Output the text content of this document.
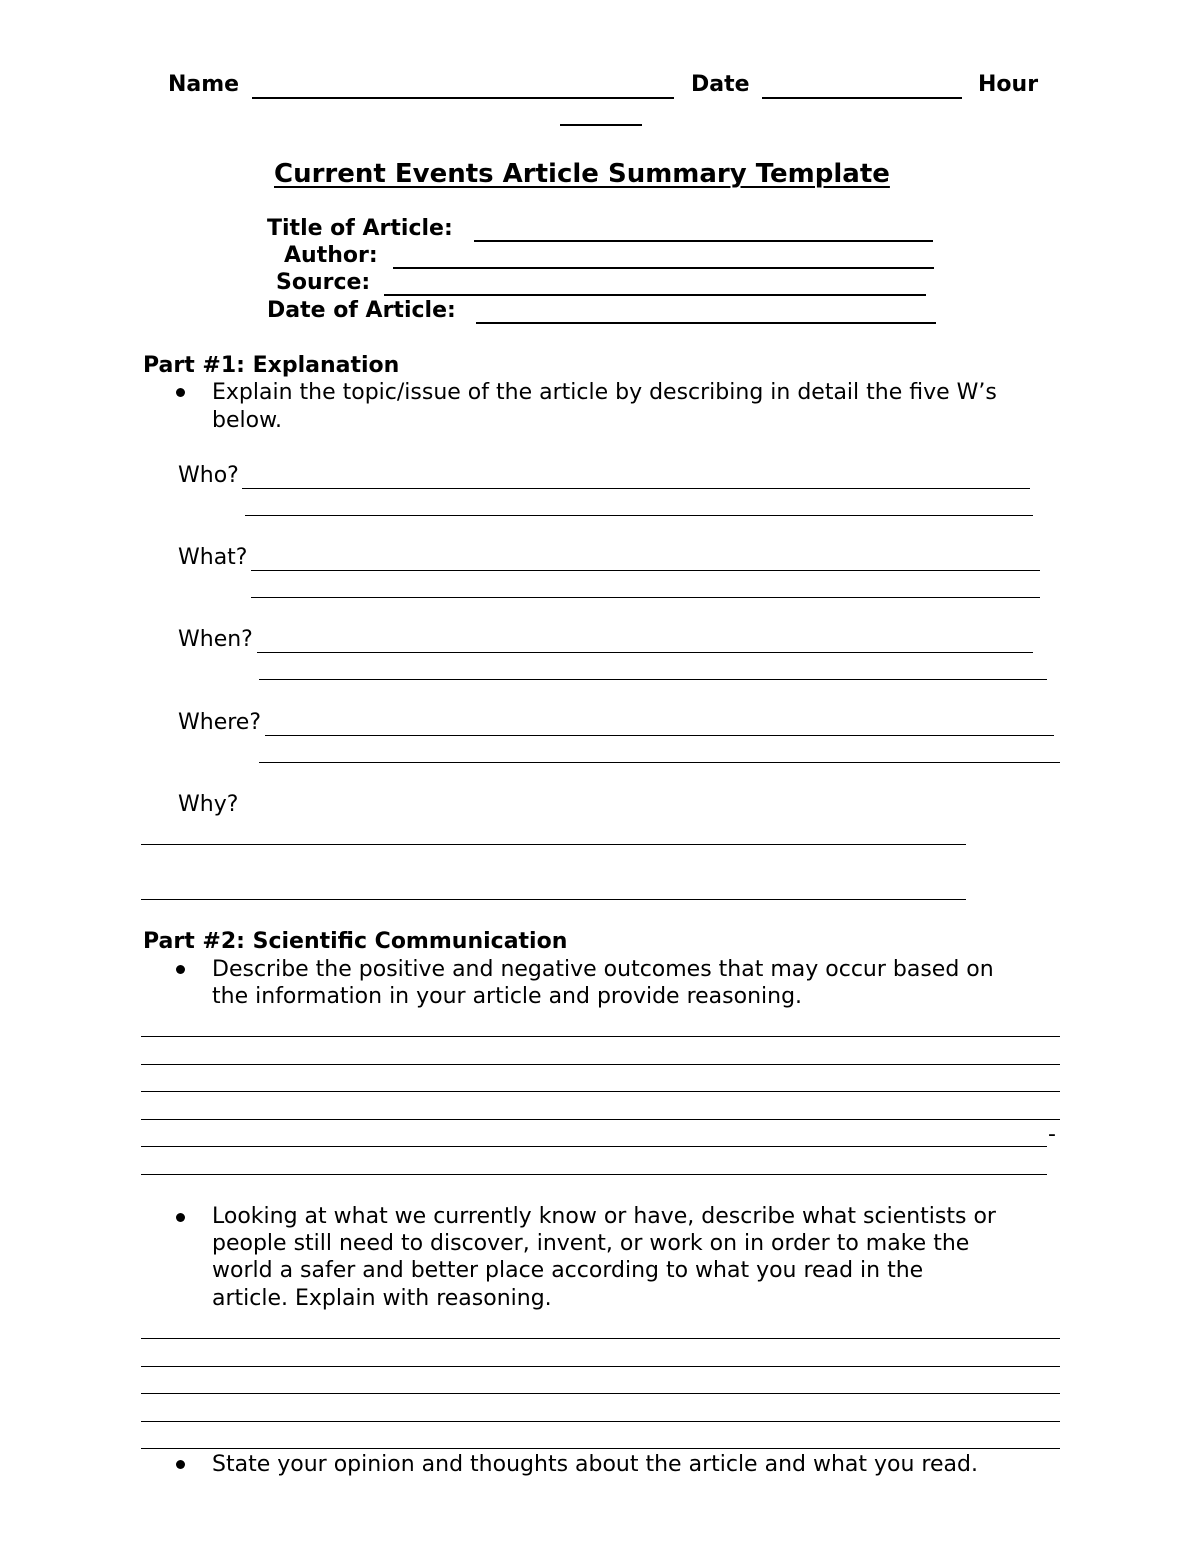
Name	Date	Hour
Current Events Article Summary Template
Title of Article:
Author:
Source:
Date of Article:
Part #1: Explanation
Explain the topic/issue of the article by describing in detail the five W’s
below.
Who?
What?
When?
Where?
Why?
Part #2: Scientific Communication
Describe the positive and negative outcomes that may occur based on
the information in your article and provide reasoning.
-
Looking at what we currently know or have, describe what scientists or
people still need to discover, invent, or work on in order to make the
world a safer and better place according to what you read in the
article. Explain with reasoning.
State your opinion and thoughts about the article and what you read.
